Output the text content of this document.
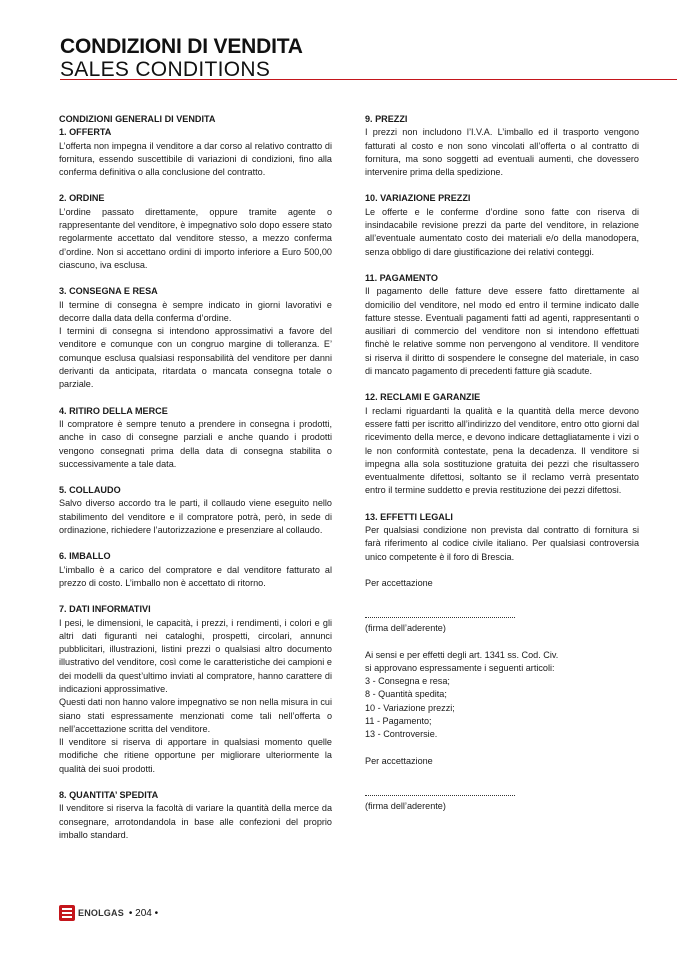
CONDIZIONI DI VENDITA
SALES CONDITIONS

CONDIZIONI GENERALI DI VENDITA

1. OFFERTA

L’offerta non impegna il venditore a dar corso al relativo contratto di fornitura, essendo suscettibile di variazioni di condizioni, fino alla conferma definitiva o alla conclusione del contratto.

2. ORDINE

L’ordine passato direttamente, oppure tramite agente o rappresentante del venditore, è impegnativo solo dopo essere stato regolarmente accettato dal venditore stesso, a mezzo conferma d’ordine. Non si accettano ordini di importo inferiore a Euro 500,00 ciascuno, iva esclusa.

3. CONSEGNA E RESA

Il termine di consegna è sempre indicato in giorni lavorativi e decorre dalla data della conferma d’ordine.

I termini di consegna si intendono approssimativi a favore del venditore e comunque con un congruo margine di tolleranza. E’ comunque esclusa qualsiasi responsabilità del venditore per danni derivanti da anticipata, ritardata o mancata consegna totale o parziale.

4. RITIRO DELLA MERCE

Il compratore è sempre tenuto a prendere in consegna i prodotti, anche in caso di consegne parziali e anche quando i prodotti vengono consegnati prima della data di consegna stabilita o successivamente a tale data.

5. COLLAUDO

Salvo diverso accordo tra le parti, il collaudo viene eseguito nello stabilimento del venditore e il compratore potrà, però, in sede di ordinazione, richiedere l’autorizzazione e presenziare al collaudo.

6. IMBALLO

L’imballo è a carico del compratore e dal venditore fatturato al prezzo di costo. L’imballo non è accettato di ritorno.

7. DATI INFORMATIVI

I pesi, le dimensioni, le capacità, i prezzi, i rendimenti, i colori e gli altri dati figuranti nei cataloghi, prospetti, circolari, annunci pubblicitari, illustrazioni, listini prezzi o qualsiasi altro documento illustrativo del venditore, così come le caratteristiche dei campioni e dei modelli da quest’ultimo inviati al compratore, hanno carattere di indicazioni approssimative.

Questi dati non hanno valore impegnativo se non nella misura in cui siano stati espressamente menzionati come tali nell’offerta o nell’accettazione scritta del venditore.

Il venditore si riserva di apportare in qualsiasi momento quelle modifiche che ritiene opportune per migliorare ulteriormente la qualità dei suoi prodotti.

8. QUANTITA’ SPEDITA

Il venditore si riserva la facoltà di variare la quantità della merce da consegnare, arrotondandola in base alle confezioni del proprio imballo standard.

9. PREZZI

I prezzi non includono l’I.V.A. L’imballo ed il trasporto vengono fatturati al costo e non sono vincolati all’offerta o al contratto di fornitura, ma sono soggetti ad eventuali aumenti, che dovessero intervenire prima della spedizione.

10. VARIAZIONE PREZZI

Le offerte e le conferme d’ordine sono fatte con riserva di insindacabile revisione prezzi da parte del venditore, in relazione all’eventuale aumentato costo dei materiali e/o della manodopera, senza obbligo di dare giustificazione dei relativi conteggi.

11. PAGAMENTO

Il pagamento delle fatture deve essere fatto direttamente al domicilio del venditore, nel modo ed entro il termine indicato dalle fatture stesse. Eventuali pagamenti fatti ad agenti, rappresentanti o ausiliari di commercio del venditore non si intendono effettuati finchè le relative somme non pervengono al venditore. Il venditore si riserva il diritto di sospendere le consegne del materiale, in caso di mancato pagamento di precedenti fatture già scadute.

12. RECLAMI E GARANZIE

I reclami riguardanti la qualità e la quantità della merce devono essere fatti per iscritto all’indirizzo del venditore, entro otto giorni dal ricevimento della merce, e devono indicare dettagliatamente i vizi o le non conformità contestate, pena la decadenza. Il venditore si impegna alla sola sostituzione gratuita dei pezzi che risultassero eventualmente difettosi, soltanto se il reclamo verrà presentato entro il termine suddetto e previa restituzione dei pezzi difettosi.

13. EFFETTI LEGALI

Per qualsiasi condizione non prevista dal contratto di fornitura si farà riferimento al codice civile italiano. Per qualsiasi controversia unico competente è il foro di Brescia.

Per accettazione

(firma dell’aderente)

Ai sensi e per effetti degli art. 1341 ss. Cod. Civ.

si approvano espressamente i seguenti articoli:

3 - Consegna e resa;
8 - Quantità spedita;
10 - Variazione prezzi;
11 - Pagamento;
13 - Controversie.

Per accettazione

(firma dell’aderente)

ENOLGAS • 204 •
